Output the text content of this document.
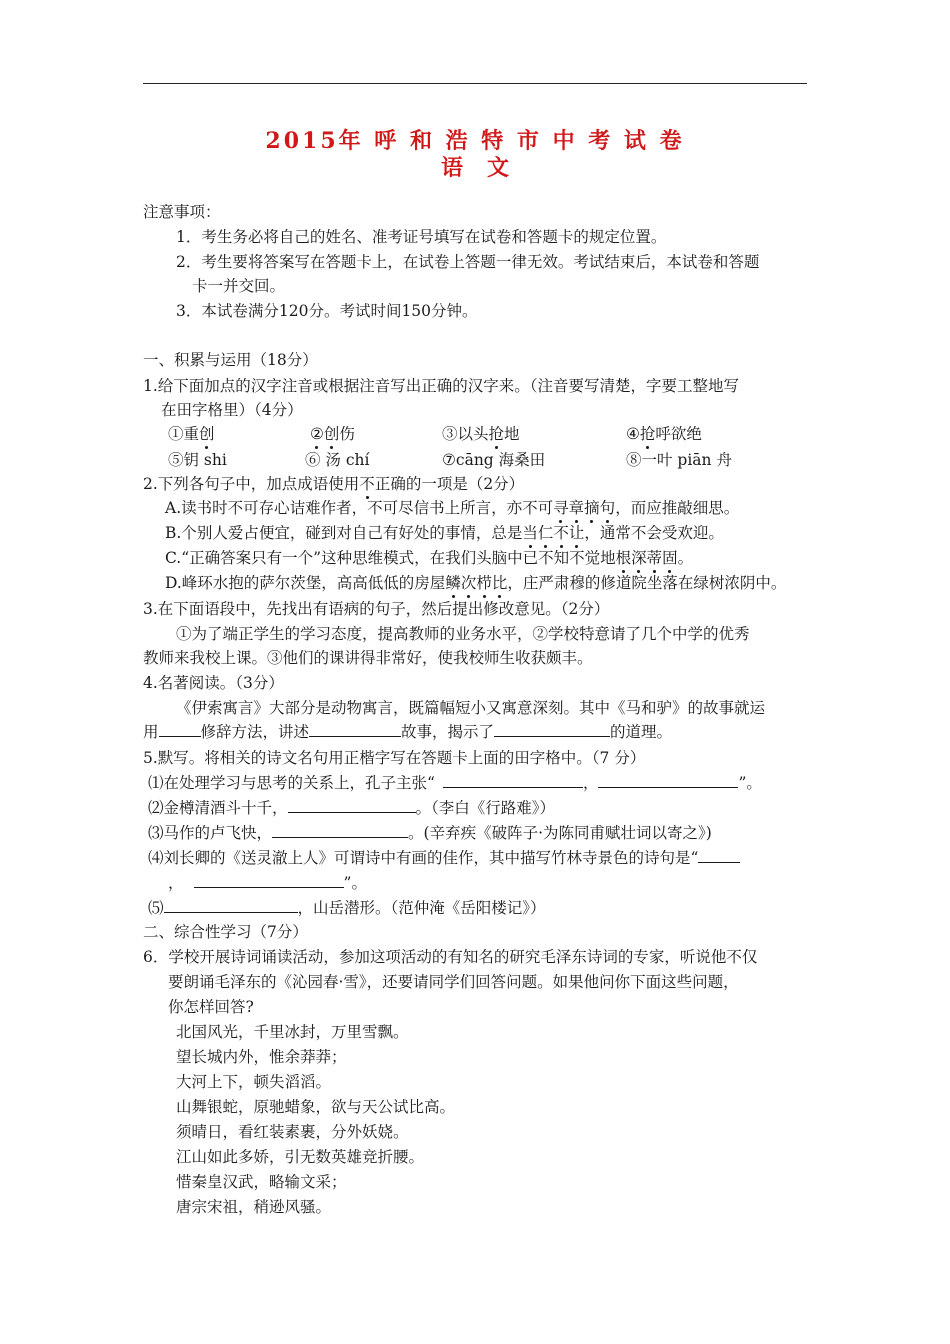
2015年 呼 和 浩 特 市 中 考 试 卷
语 文
注意事项：
1．考生务必将自己的姓名、准考证号填写在试卷和答题卡的规定位置。
2．考生要将答案写在答题卡上，在试卷上答题一律无效。考试结束后，本试卷和答题
卡一并交回。
3．本试卷满分120分。考试时间150分钟。
一、积累与运用（18分）
1.给下面加点的汉字注音或根据注音写出正确的汉字来。（注音要写清楚，字要工整地写
在田字格里）（4分）
①重创	②创伤	③以头抢地	④抢呼欲绝
⑤钥 shi	⑥ 汤 chí	⑦cāng 海桑田	⑧一叶 piān 舟
2.下列各句子中，加点成语使用不正确的一项是（2分）
A.读书时不可存心诘难作者，不可尽信书上所言，亦不可寻章摘句，而应推敲细思。
B.个别人爱占便宜，碰到对自己有好处的事情，总是当仁不让，通常不会受欢迎。
C.“正确答案只有一个”这种思维模式，在我们头脑中已不知不觉地根深蒂固。
D.峰环水抱的萨尔茨堡，高高低低的房屋鳞次栉比，庄严肃穆的修道院坐落在绿树浓阴中。
3.在下面语段中，先找出有语病的句子，然后提出修改意见。（2分）
①为了端正学生的学习态度，提高教师的业务水平，②学校特意请了几个中学的优秀
教师来我校上课。③他们的课讲得非常好，使我校师生收获颇丰。
4.名著阅读。（3分）
《伊索寓言》大部分是动物寓言，既篇幅短小又寓意深刻。其中《马和驴》的故事就运
用	修辞方法，讲述	故事，揭示了	的道理。
5.默写。将相关的诗文名句用正楷字写在答题卡上面的田字格中。（7 分）
⑴在处理学习与思考的关系上，孔子主张“	，	”。
⑵金樽清酒斗十千，	。（李白《行路难》）
⑶马作的卢飞快，	。(辛弃疾《破阵子·为陈同甫赋壮词以寄之》)
⑷刘长卿的《送灵澈上人》可谓诗中有画的佳作，其中描写竹林寺景色的诗句是“
，	”。
⑸	，山岳潜形。（范仲淹《岳阳楼记》）
二、综合性学习（7分）
6．学校开展诗词诵读活动，参加这项活动的有知名的研究毛泽东诗词的专家，听说他不仅
要朗诵毛泽东的《沁园春·雪》，还要请同学们回答问题。如果他问你下面这些问题，
你怎样回答?
北国风光，千里冰封，万里雪飘。
望长城内外，惟余莽莽；
大河上下，顿失滔滔。
山舞银蛇，原驰蜡象，欲与天公试比高。
须晴日，看红装素裹，分外妖娆。
江山如此多娇，引无数英雄竞折腰。
惜秦皇汉武，略输文采；
唐宗宋祖，稍逊风骚。
